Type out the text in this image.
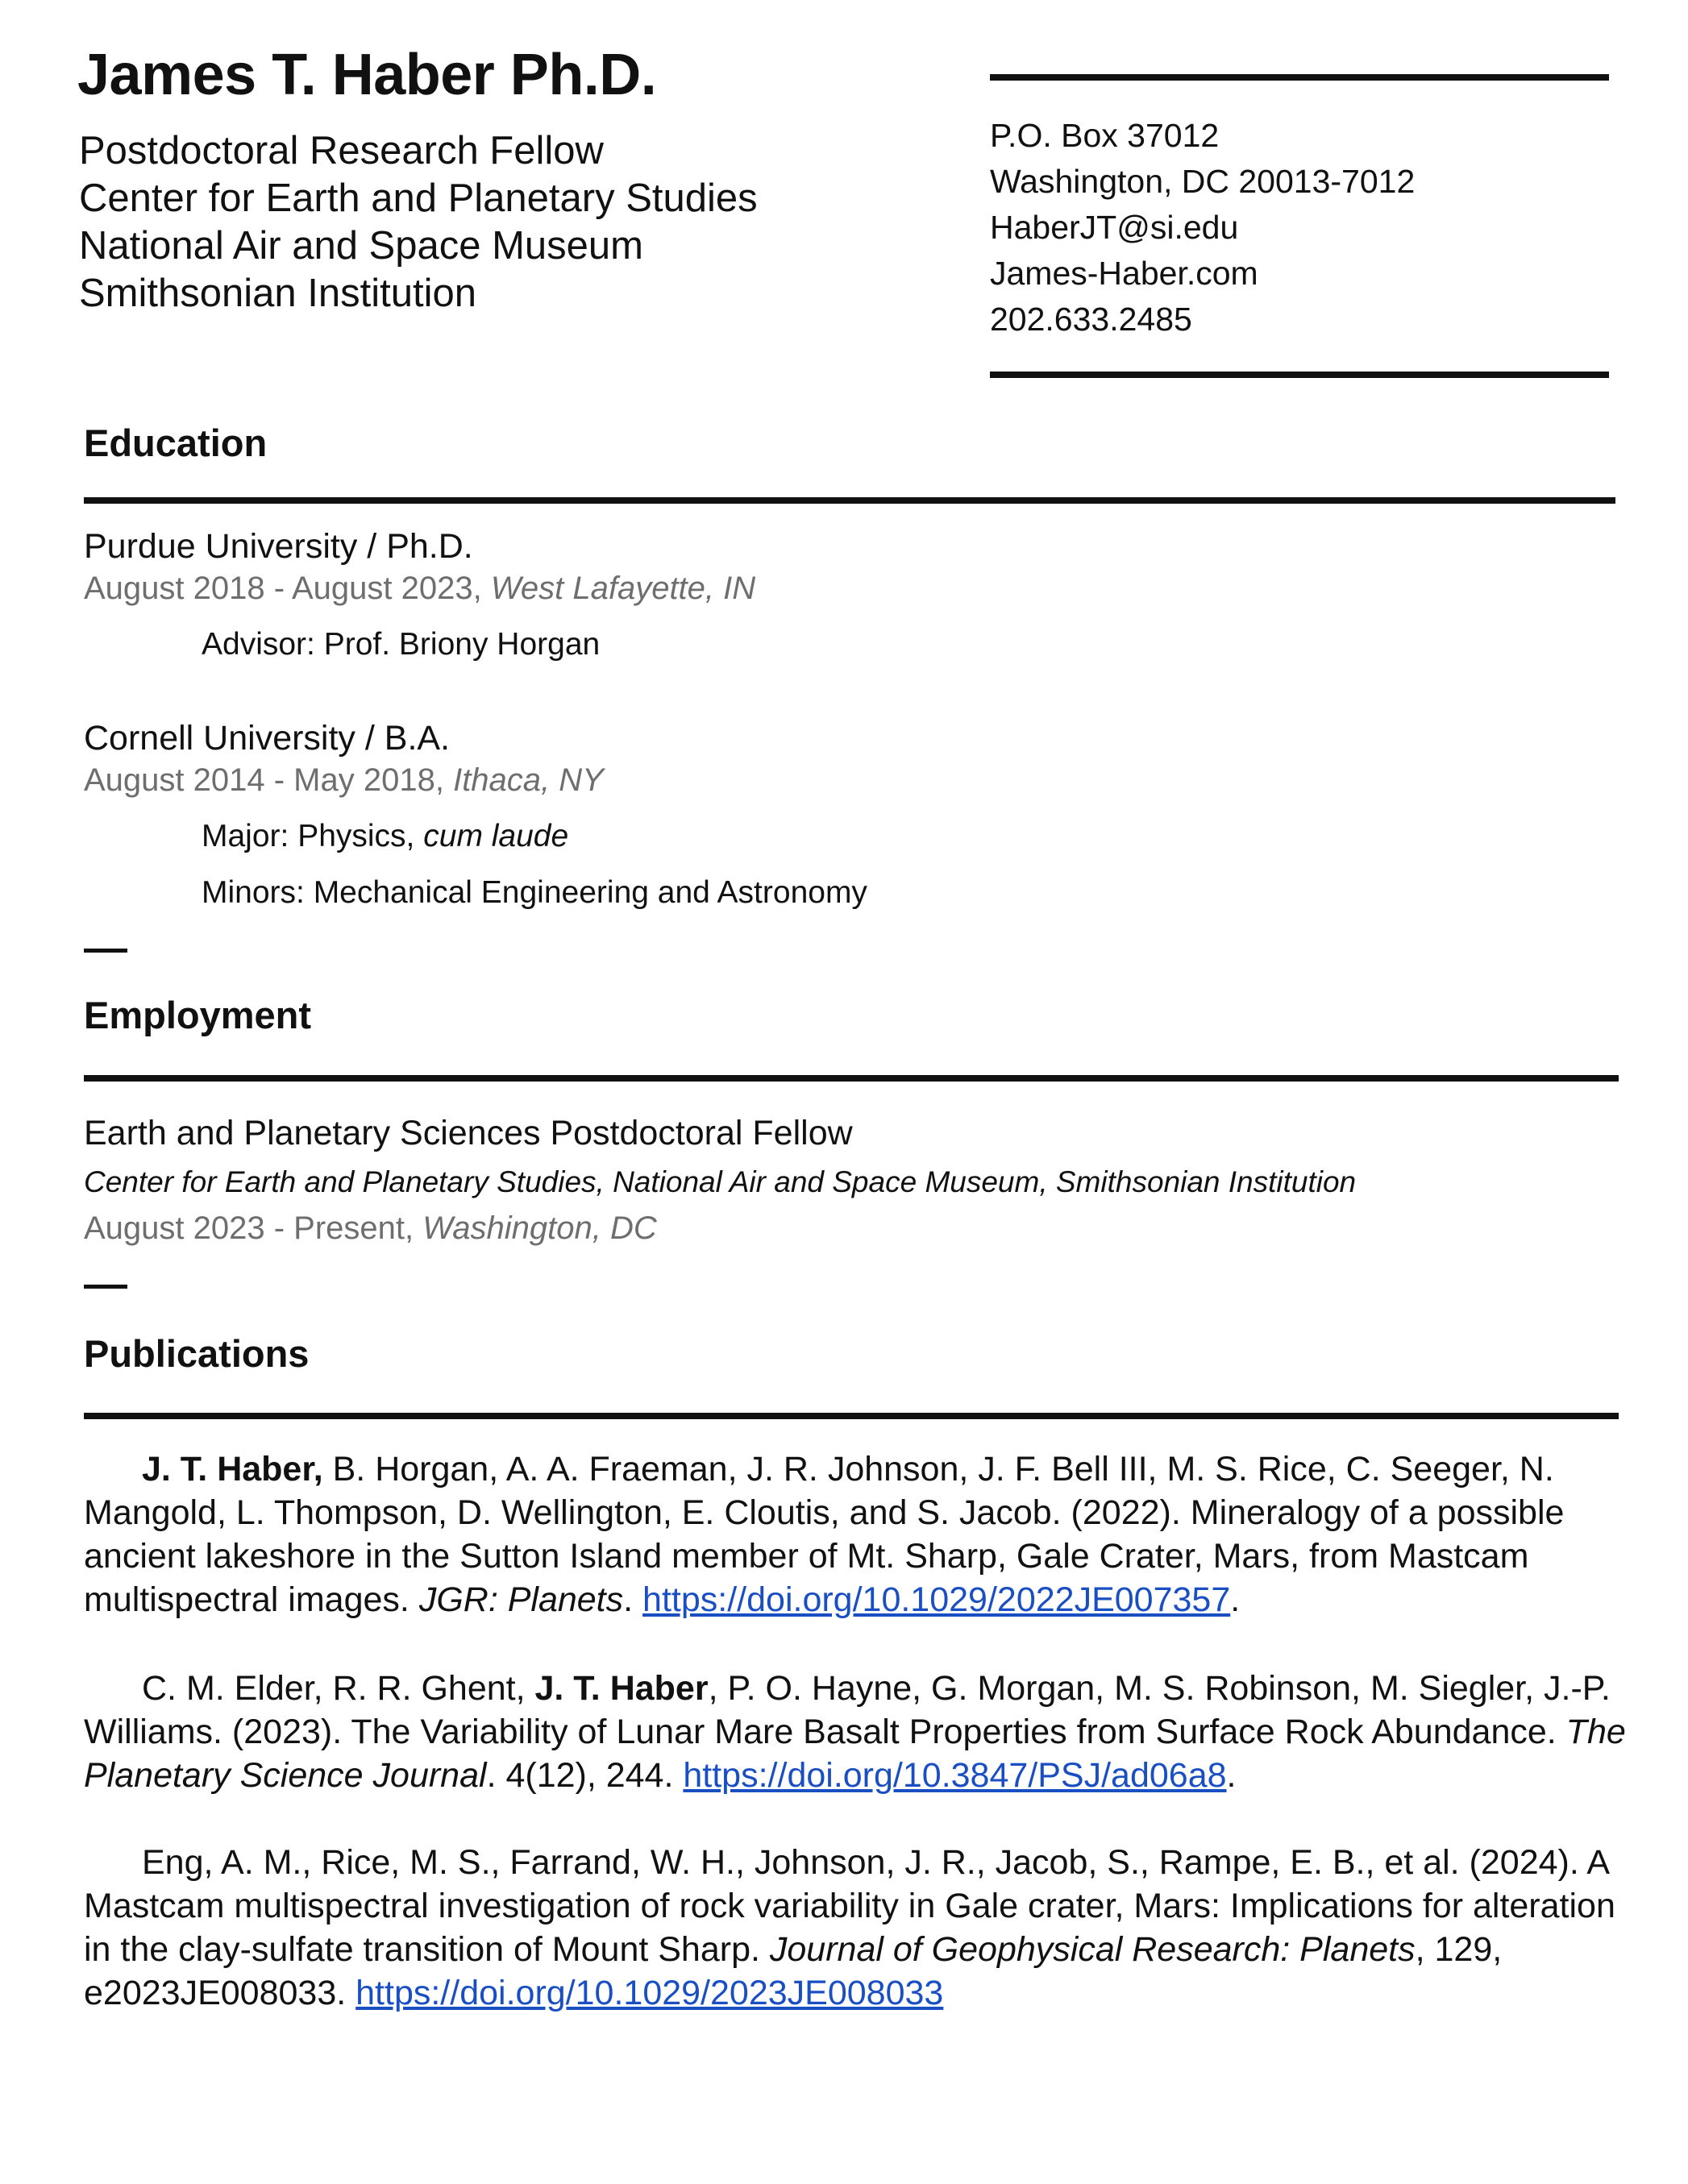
James T. Haber Ph.D.
Postdoctoral Research Fellow
Center for Earth and Planetary Studies
National Air and Space Museum
Smithsonian Institution
P.O. Box 37012
Washington, DC 20013-7012
HaberJT@si.edu
James-Haber.com
202.633.2485
Education
Purdue University / Ph.D.
August 2018 - August 2023, West Lafayette, IN
Advisor: Prof. Briony Horgan
Cornell University / B.A.
August 2014 - May 2018, Ithaca, NY
Major: Physics, cum laude
Minors: Mechanical Engineering and Astronomy
Employment
Earth and Planetary Sciences Postdoctoral Fellow
Center for Earth and Planetary Studies, National Air and Space Museum, Smithsonian Institution
August 2023 - Present, Washington, DC
Publications

J. T. Haber, B. Horgan, A. A. Fraeman, J. R. Johnson, J. F. Bell III, M. S. Rice, C. Seeger, N. Mangold, L. Thompson, D. Wellington, E. Cloutis, and S. Jacob. (2022). Mineralogy of a possible ancient lakeshore in the Sutton Island member of Mt. Sharp, Gale Crater, Mars, from Mastcam multispectral images. JGR: Planets. https://doi.org/10.1029/2022JE007357.

C. M. Elder, R. R. Ghent, J. T. Haber, P. O. Hayne, G. Morgan, M. S. Robinson, M. Siegler, J.-P. Williams. (2023). The Variability of Lunar Mare Basalt Properties from Surface Rock Abundance. The Planetary Science Journal. 4(12), 244. https://doi.org/10.3847/PSJ/ad06a8.

Eng, A. M., Rice, M. S., Farrand, W. H., Johnson, J. R., Jacob, S., Rampe, E. B., et al. (2024). A Mastcam multispectral investigation of rock variability in Gale crater, Mars: Implications for alteration in the clay-sulfate transition of Mount Sharp. Journal of Geophysical Research: Planets, 129, e2023JE008033. https://doi.org/10.1029/2023JE008033
